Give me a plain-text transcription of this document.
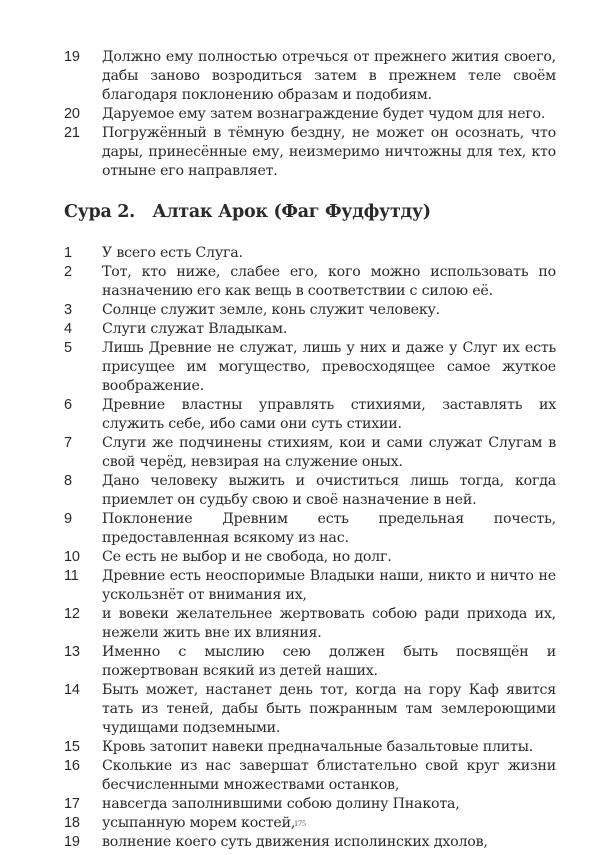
19	Должно ему полностью отречься от прежнего жития своего, дабы заново возродиться затем в прежнем теле своём благодаря поклонению образам и подобиям.
20	Даруемое ему затем вознаграждение будет чудом для него.
21	Погружённый в тёмную бездну, не может он осознать, что дары, принесённые ему, неизмеримо ничтожны для тех, кто отныне его направляет.
Сура 2. Алтак Арок (Фаг Фудфутду)
1	У всего есть Слуга.
2	Тот, кто ниже, слабее его, кого можно использовать по назначению его как вещь в соответствии с силою её.
3	Солнце служит земле, конь служит человеку.
4	Слуги служат Владыкам.
5	Лишь Древние не служат, лишь у них и даже у Слуг их есть присущее им могущество, превосходящее самое жуткое воображение.
6	Древние властны управлять стихиями, заставлять их служить себе, ибо сами они суть стихии.
7	Слуги же подчинены стихиям, кои и сами служат Слугам в свой черёд, невзирая на служение оных.
8	Дано человеку выжить и очиститься лишь тогда, когда приемлет он судьбу свою и своё назначение в ней.
9	Поклонение Древним есть предельная почесть, предоставленная всякому из нас.
10	Се есть не выбор и не свобода, но долг.
11	Древние есть неоспоримые Владыки наши, никто и ничто не ускользнёт от внимания их,
12	и вовеки желательнее жертвовать собою ради прихода их, нежели жить вне их влияния.
13	Именно с мыслию сею должен быть посвящён и пожертвован всякий из детей наших.
14	Быть может, настанет день тот, когда на гору Каф явится тать из теней, дабы быть пожранным там землероющими чудищами подземными.
15	Кровь затопит навеки предначальные базальтовые плиты.
16	Сколькие из нас завершат блистательно свой круг жизни бесчисленными множествами останков,
17	навсегда заполнившими собою долину Пнакота,
18	усыпанную морем костей,
19	волнение коего суть движения исполинских дхолов,
175
